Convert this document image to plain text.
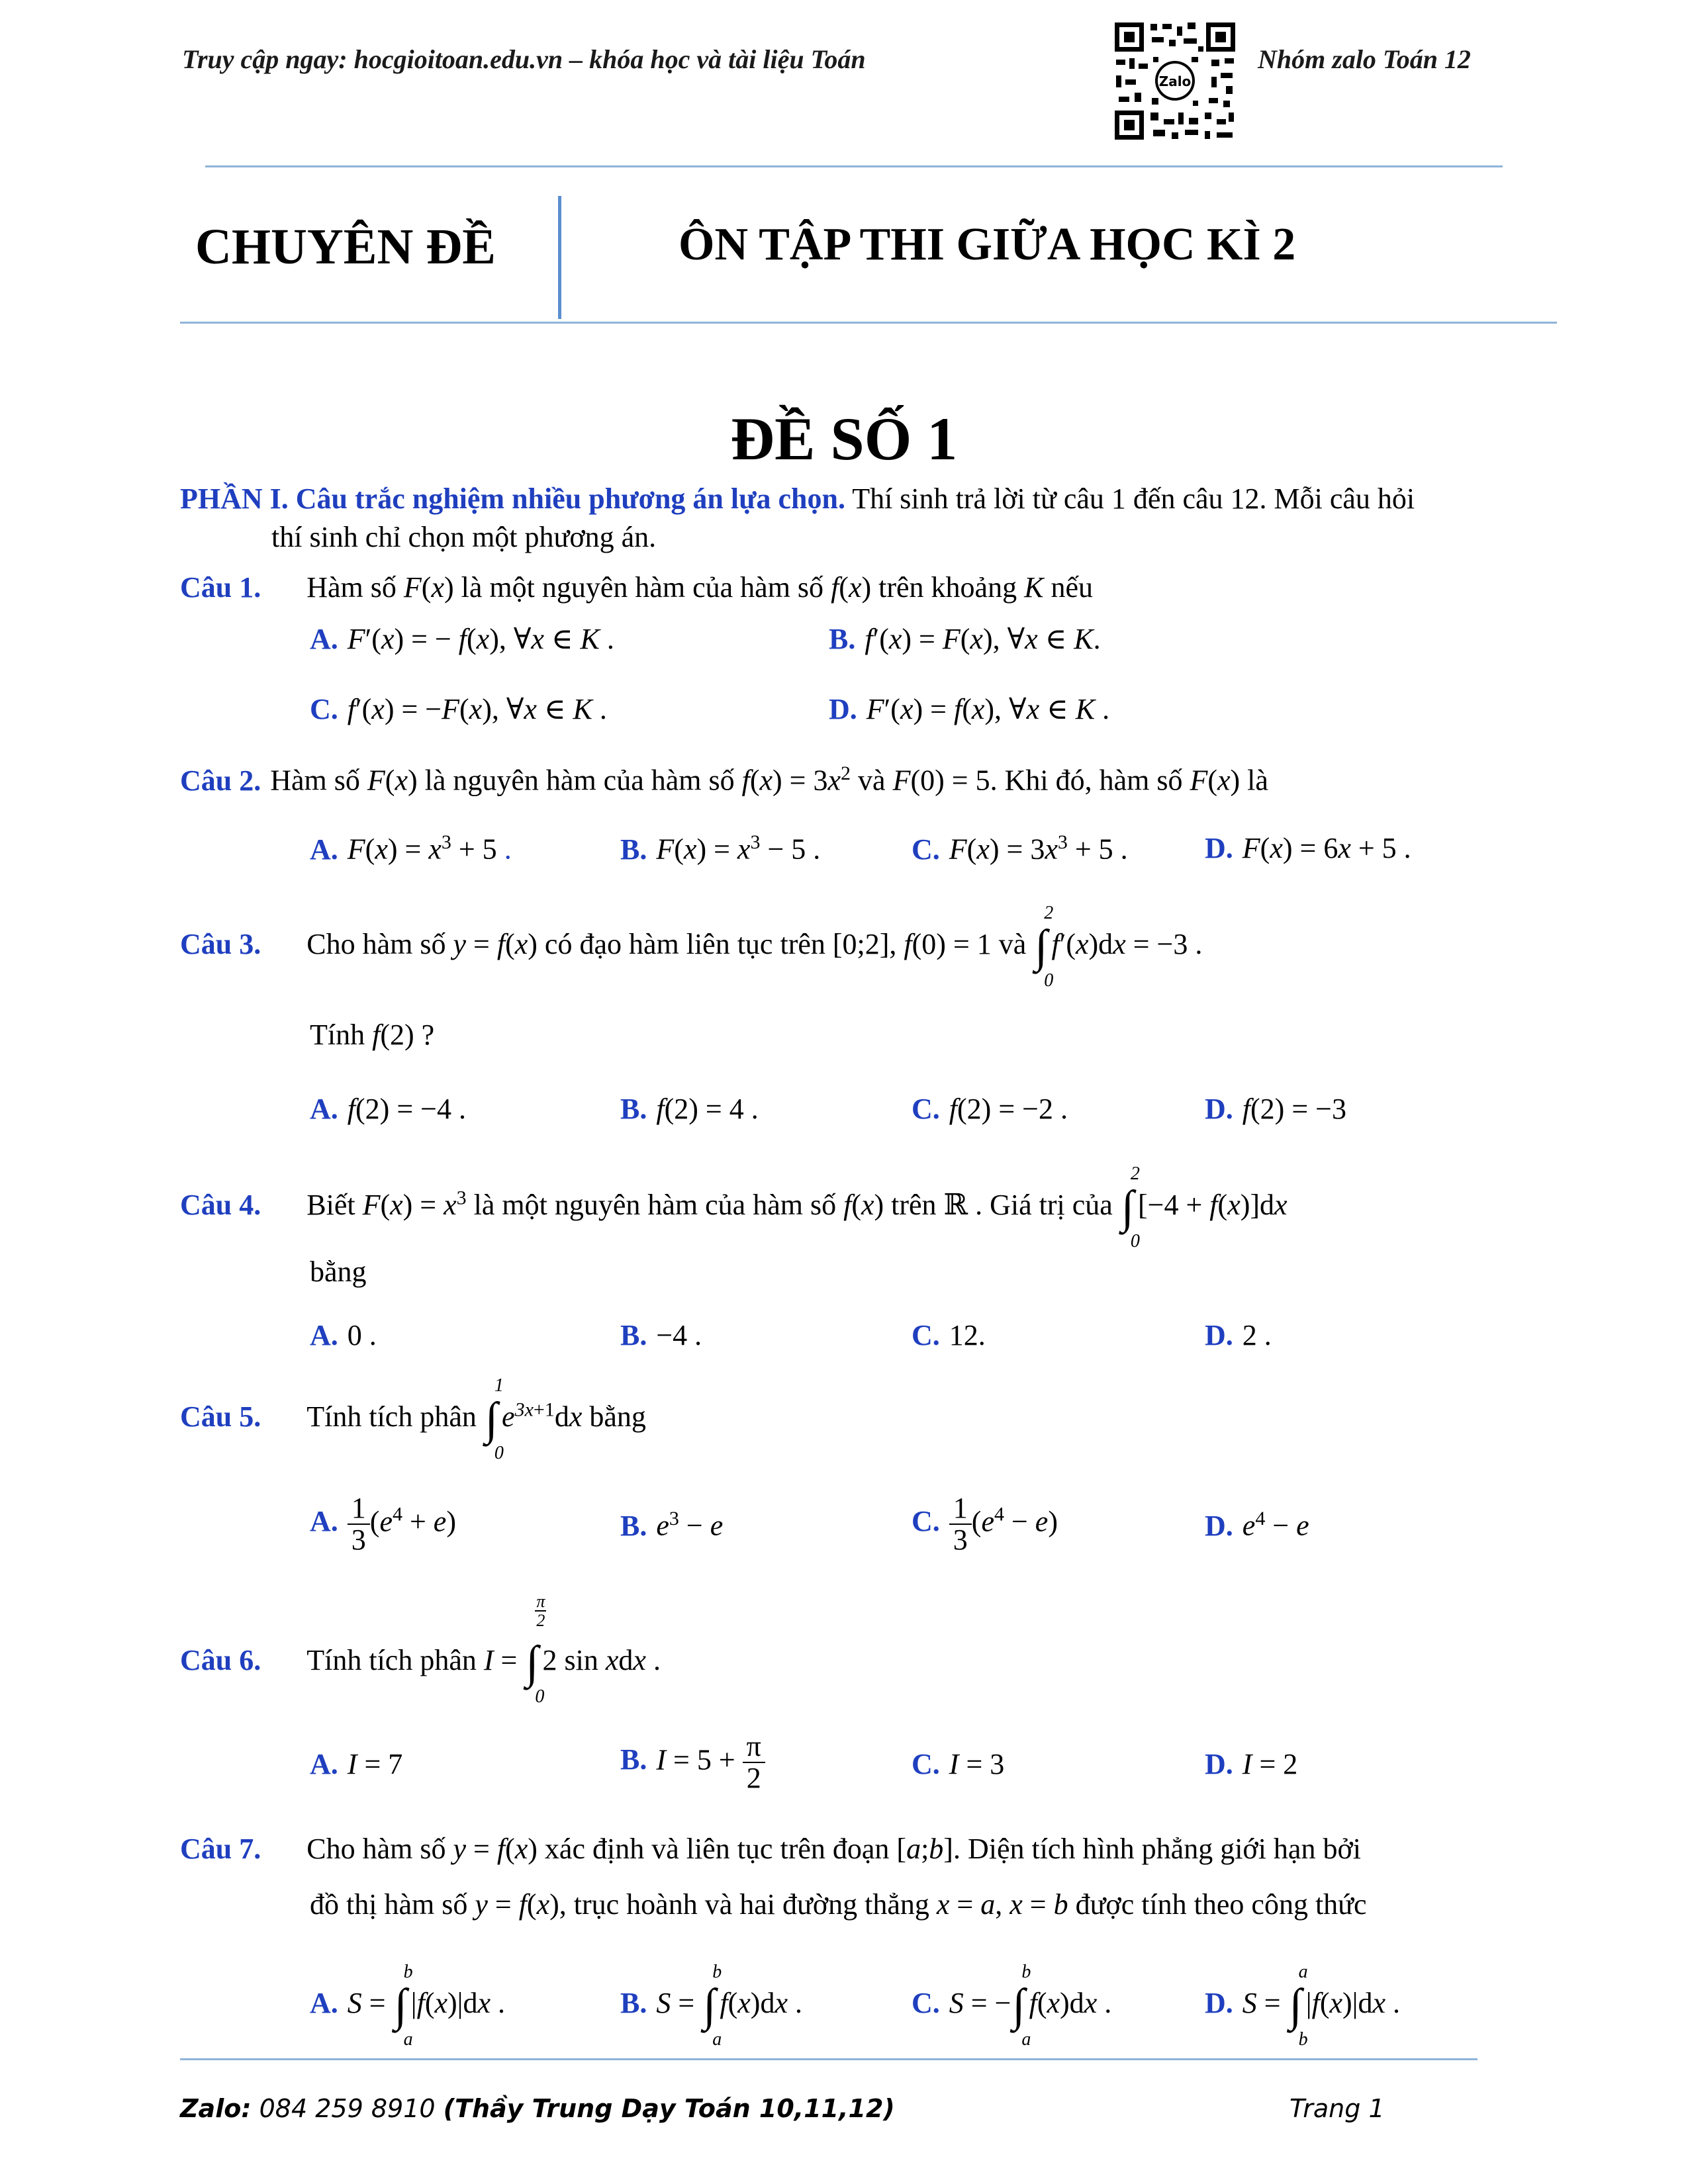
Truy cập ngay: hocgioitoan.edu.vn – khóa học và tài liệu Toán
Zalo
Nhóm zalo Toán 12
CHUYÊN ĐỀ	ÔN TẬP THI GIỮA HỌC KÌ 2
ĐỀ SỐ 1
PHẦN I. Câu trắc nghiệm nhiều phương án lựa chọn. Thí sinh trả lời từ câu 1 đến câu 12. Mỗi câu hỏi
thí sinh chỉ chọn một phương án.
Câu 1. Hàm số F(x) là một nguyên hàm của hàm số f(x) trên khoảng K nếu
A. F′(x) = − f(x), ∀x ∈ K .	B. f′(x) = F(x), ∀x ∈ K.
C. f′(x) = −F(x), ∀x ∈ K .	D. F′(x) = f(x), ∀x ∈ K .
Câu 2. Hàm số F(x) là nguyên hàm của hàm số $f(x) = 3x^2$ và F(0) = 5. Khi đó, hàm số F(x) là
A. $F(x) = x^3 + 5$ .	B. $F(x) = x^3 - 5$ .	C. $F(x) = 3x^3 + 5$ .	D. F(x) = 6x + 5 .
Câu 3. Cho hàm số y = f(x) có đạo hàm liên tục trên [0;2], f(0) = 1 và ∫
2
0
f′(x)dx = −3 .
Tính f(2) ?
A. f(2) = −4 .	B. f(2) = 4 .	C. f(2) = −2 .	D. f(2) = −3
Câu 4. Biết $F(x) = x^3$ là một nguyên hàm của hàm số f(x) trên ℝ . Giá trị của ∫
2
0
[−4 + f(x)]dx
bằng
A. 0 .	B. −4 .	C. 12.	D. 2 .
Câu 5. Tính tích phân ∫
1
0
$e^{3x+1}dx$ bằng
A. $\frac{1}{3} (e^4 + e)$	B. $e^3 - e$	C. $\frac{1}{3} (e^4 - e)$	D. $e^4 - e$
Câu 6. Tính tích phân I = ∫
$\frac{\pi}{2}$
0
2 sin xdx .
A. I = 7	B. $I = 5 + \frac{\pi}{2}$	C. I = 3	D. I = 2
Câu 7. Cho hàm số y = f(x) xác định và liên tục trên đoạn [a;b]. Diện tích hình phẳng giới hạn bởi
đồ thị hàm số y = f(x), trục hoành và hai đường thẳng x = a, x = b được tính theo công thức
A. S = ∫
b
a
|f(x)|dx .	B. S = ∫
b
a
f(x)dx .	C. S = −∫
b
a
f(x)dx .	D. S = ∫
a
b
|f(x)|dx .
Zalo: 084 259 8910 (Thầy Trung Dạy Toán 10,11,12)	Trang 1
